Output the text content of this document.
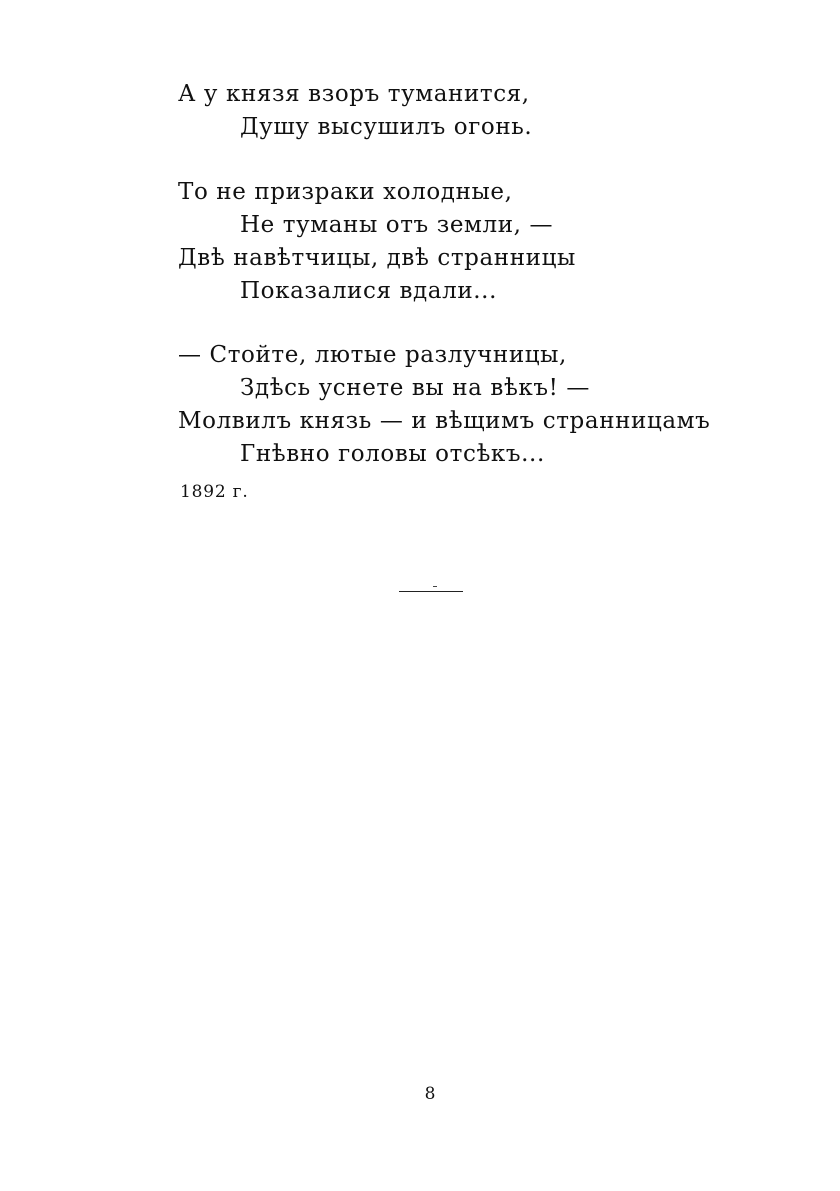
А у князя взоръ туманится,
Душу высушилъ огонь.
То не призраки холодные,
Не туманы отъ земли, —
Двѣ навѣтчицы, двѣ странницы
Показалися вдали...
— Стойте, лютые разлучницы,
Здѣсь уснете вы на вѣкъ! —
Молвилъ князь — и вѣщимъ странницамъ
Гнѣвно головы отсѣкъ...
1892 г.
8
